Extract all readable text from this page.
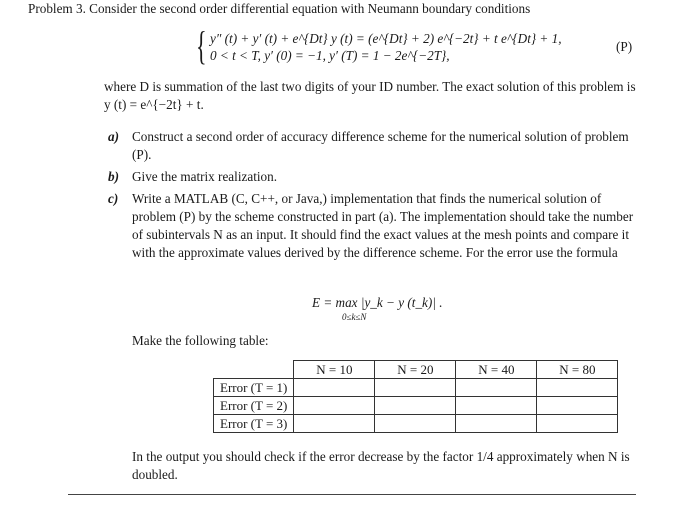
Problem 3. Consider the second order differential equation with Neumann boundary conditions
{ y″ (t) + y′ (t) + e^{Dt} y (t) = (e^{Dt} + 2) e^{−2t} + t e^{Dt} + 1,
0 < t < T, y′ (0) = −1, y′ (T) = 1 − 2e^{−2T},
(P)
where D is summation of the last two digits of your ID number. The exact solution of this problem is y (t) = e^{−2t} + t.
a) Construct a second order of accuracy difference scheme for the numerical solution of problem (P).
b) Give the matrix realization.
c) Write a MATLAB (C, C++, or Java,) implementation that finds the numerical solution of problem (P) by the scheme constructed in part (a). The implementation should take the number of subintervals N as an input. It should find the exact values at the mesh points and compare it with the approximate values derived by the difference scheme. For the error use the formula
E = max |y_k − y (t_k)| .
0≤k≤N
Make the following table:
	N = 10	N = 20	N = 40	N = 80
Error (T = 1)				
Error (T = 2)				
Error (T = 3)				
In the output you should check if the error decrease by the factor 1/4 approximately when N is doubled.
